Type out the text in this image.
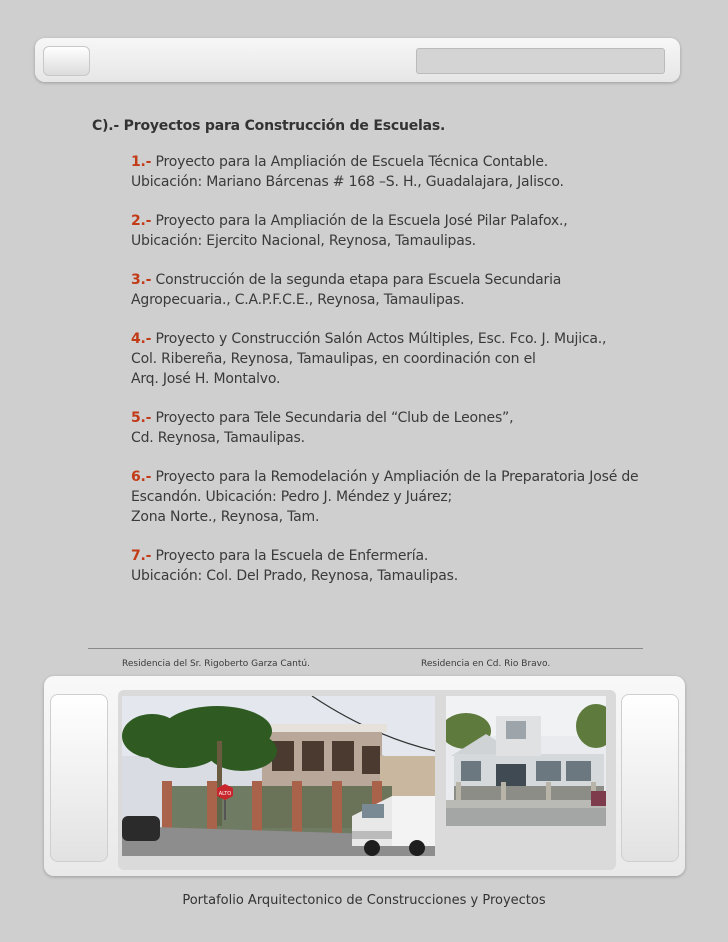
C).- Proyectos para Construcción de Escuelas.
1.- Proyecto para la Ampliación de Escuela Técnica Contable.
Ubicación: Mariano Bárcenas # 168 –S. H., Guadalajara, Jalisco.
2.- Proyecto para la Ampliación de la Escuela José Pilar Palafox.,
Ubicación: Ejercito Nacional, Reynosa, Tamaulipas.
3.- Construcción de la segunda etapa para Escuela Secundaria
Agropecuaria., C.A.P.F.C.E., Reynosa, Tamaulipas.
4.- Proyecto y Construcción Salón Actos Múltiples, Esc. Fco. J. Mujica.,
Col. Ribereña, Reynosa, Tamaulipas, en coordinación con el
Arq. José H. Montalvo.
5.- Proyecto para Tele Secundaria del “Club de Leones”,
Cd. Reynosa, Tamaulipas.
6.- Proyecto para la Remodelación y Ampliación de la Preparatoria José de
Escandón. Ubicación: Pedro J. Méndez y Juárez;
Zona Norte., Reynosa, Tam.
7.- Proyecto para la Escuela de Enfermería.
Ubicación: Col. Del Prado, Reynosa, Tamaulipas.
Residencia del Sr. Rigoberto Garza Cantú.	Residencia en Cd. Rio Bravo.
ALTO
Portafolio Arquitectonico de Construcciones y Proyectos
